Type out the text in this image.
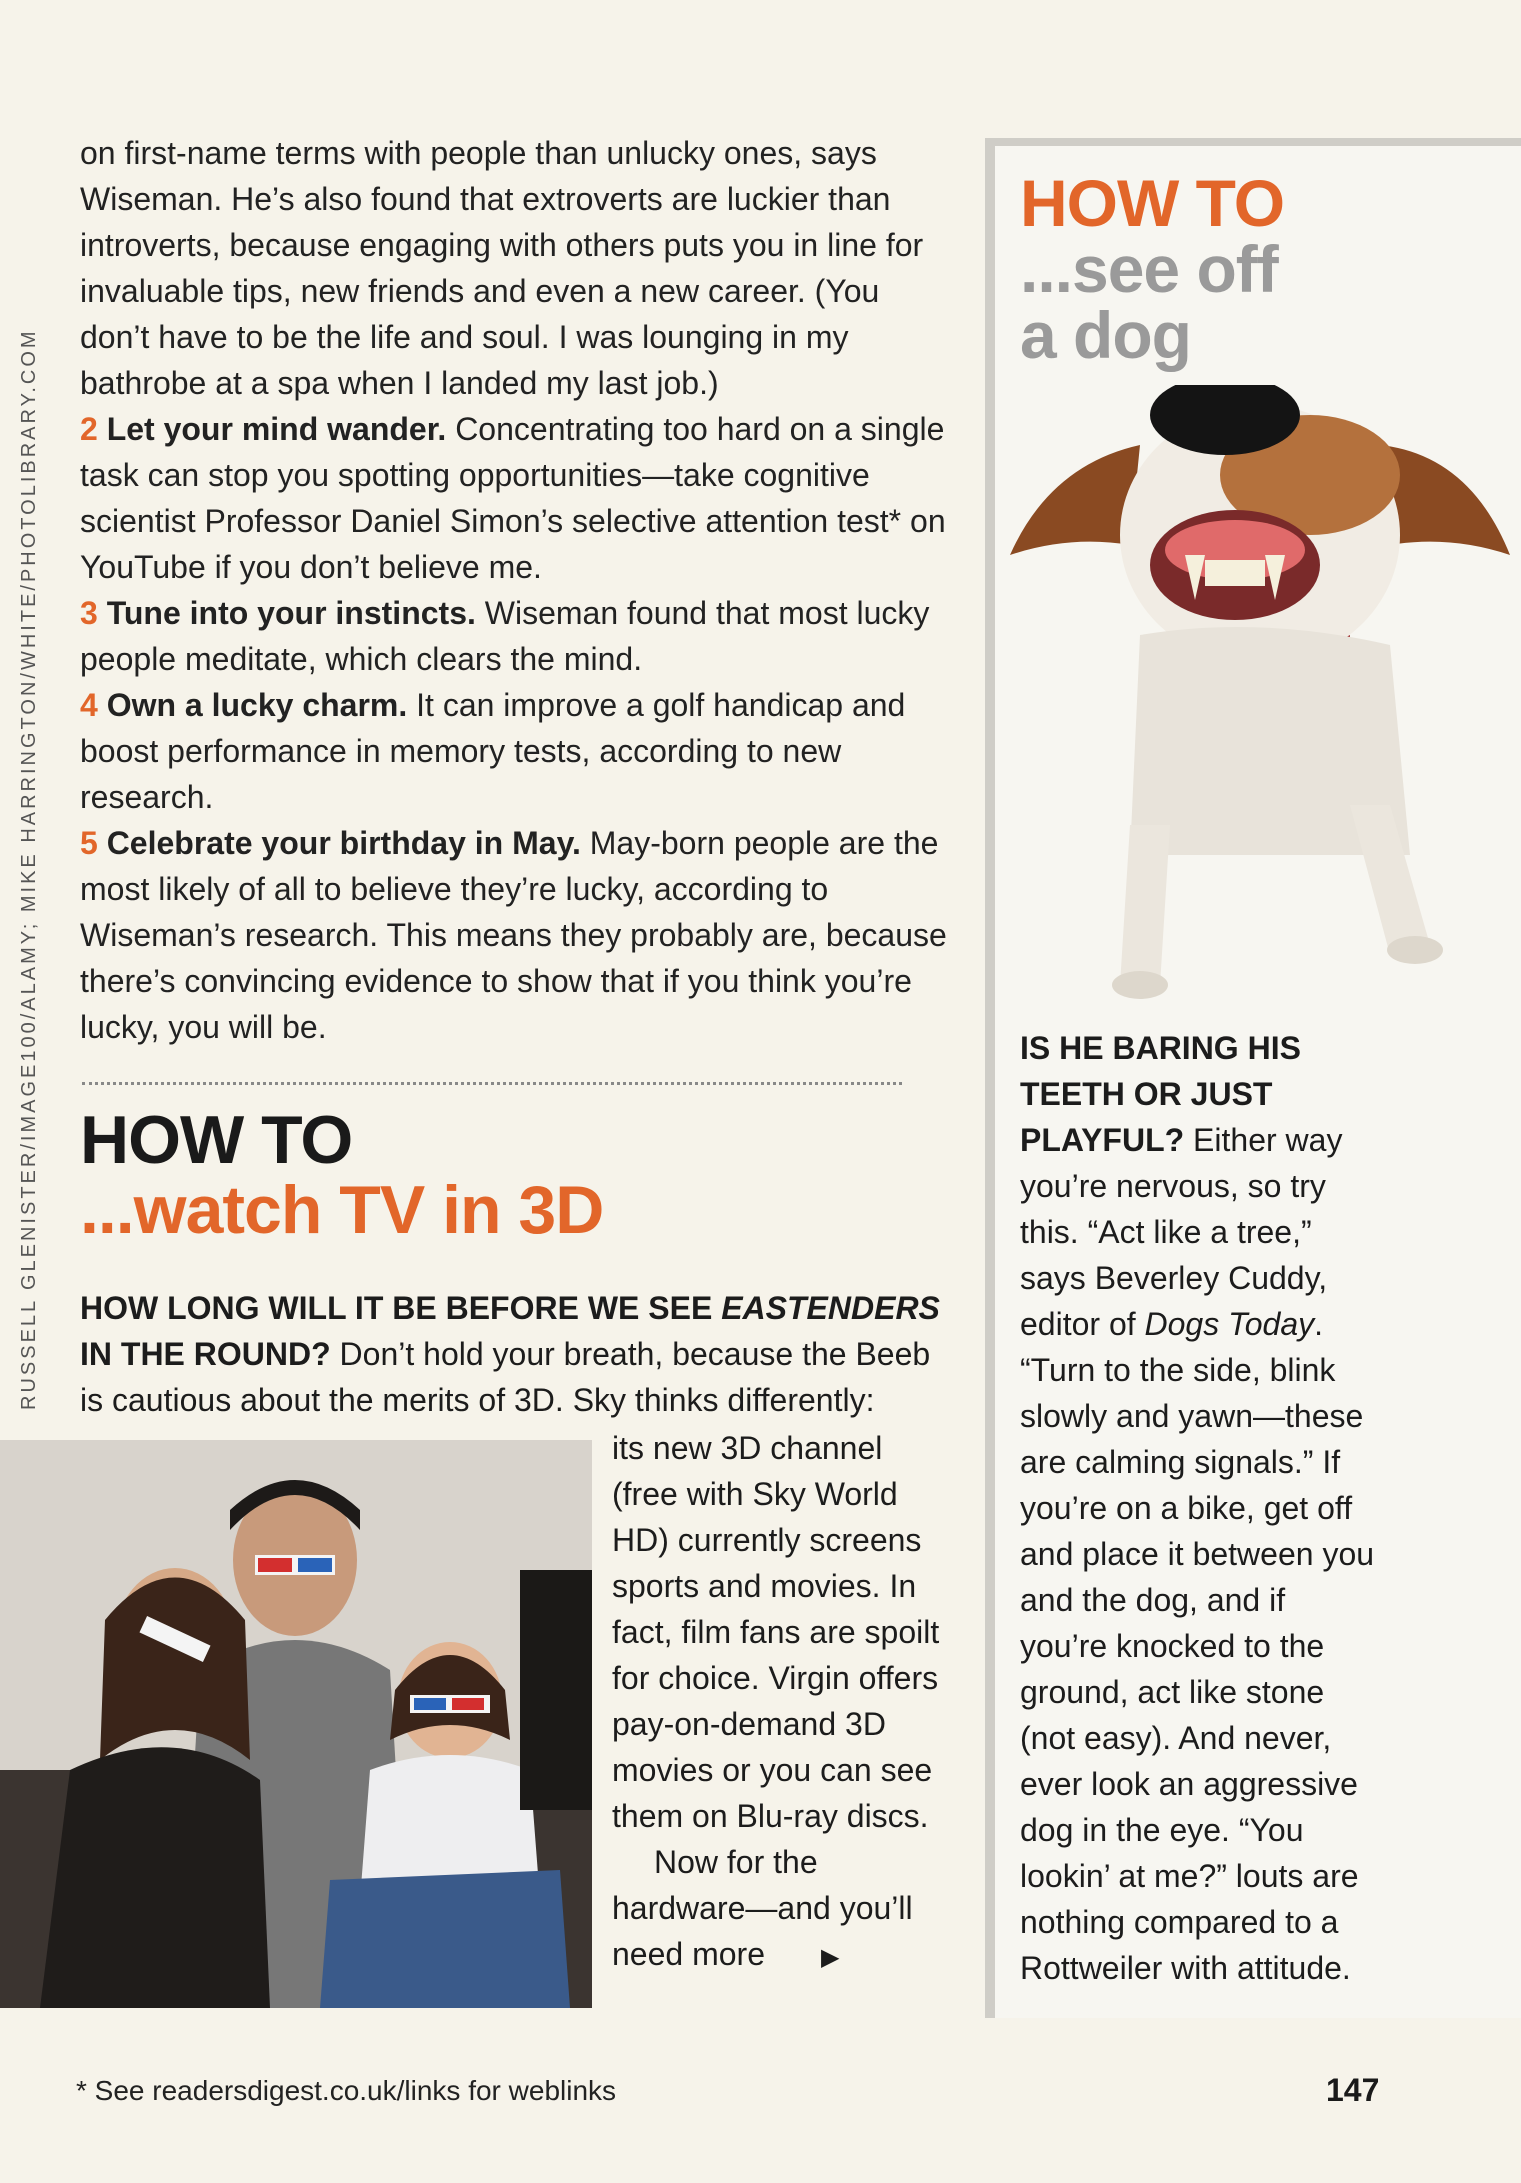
RUSSELL GLENISTER/IMAGE100/ALAMY; MIKE HARRINGTON/WHITE/PHOTOLIBRARY.COM

on first-name terms with people than unlucky ones, says Wiseman. He’s also found that extroverts are luckier than introverts, because engaging with others puts you in line for invaluable tips, new friends and even a new career. (You don’t have to be the life and soul. I was lounging in my bathrobe at a spa when I landed my last job.)

2 Let your mind wander. Concentrating too hard on a single task can stop you spotting opportunities—take cognitive scientist Professor Daniel Simon’s selective attention test* on YouTube if you don’t believe me.

3 Tune into your instincts. Wiseman found that most lucky people meditate, which clears the mind.

4 Own a lucky charm. It can improve a golf handicap and boost performance in memory tests, according to new research.

5 Celebrate your birthday in May. May-born people are the most likely of all to believe they’re lucky, according to Wiseman’s research. This means they probably are, because there’s convincing evidence to show that if you think you’re lucky, you will be.

HOW TO
...watch TV in 3D
HOW LONG WILL IT BE BEFORE WE SEE EASTENDERS IN THE ROUND? Don’t hold your breath, because the Beeb is cautious about the merits of 3D. Sky thinks differently:

its new 3D channel (free with Sky World HD) currently screens sports and movies. In fact, film fans are spoilt for choice. Virgin offers pay-on-demand 3D movies or you can see them on Blu-ray discs.

Now for the hardware—and you’ll need more ▶

HOW TO
...see off
a dog

IS HE BARING HIS TEETH OR JUST PLAYFUL? Either way you’re nervous, so try this. “Act like a tree,” says Beverley Cuddy, editor of Dogs Today. “Turn to the side, blink slowly and yawn—these are calming signals.” If you’re on a bike, get off and place it between you and the dog, and if you’re knocked to the ground, act like stone (not easy). And never, ever look an aggressive dog in the eye. “You lookin’ at me?” louts are nothing compared to a Rottweiler with attitude.

* See readersdigest.co.uk/links for weblinks	147
